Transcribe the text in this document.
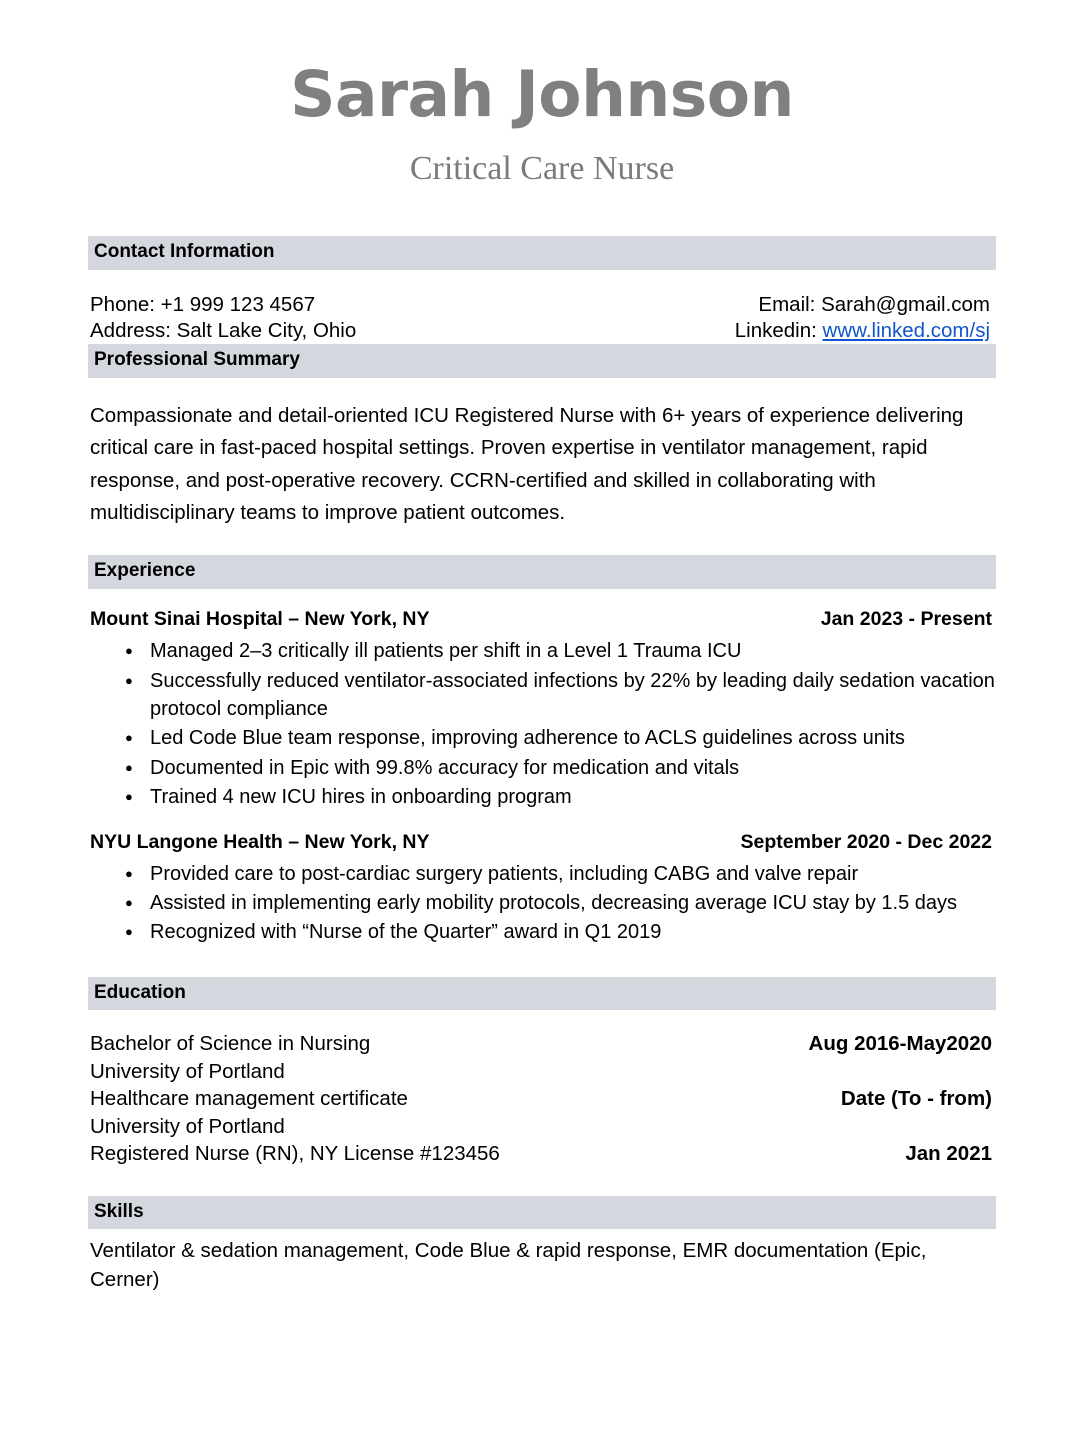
Sarah Johnson
Critical Care Nurse
Contact Information
Phone: +1 999 123 4567	Email: Sarah@gmail.com
Address: Salt Lake City, Ohio	Linkedin: www.linked.com/sj
Professional Summary
Compassionate and detail-oriented ICU Registered Nurse with 6+ years of experience delivering critical care in fast-paced hospital settings. Proven expertise in ventilator management, rapid response, and post-operative recovery. CCRN-certified and skilled in collaborating with multidisciplinary teams to improve patient outcomes.
Experience
Mount Sinai Hospital – New York, NY	Jan 2023 - Present
● Managed 2–3 critically ill patients per shift in a Level 1 Trauma ICU
● Successfully reduced ventilator-associated infections by 22% by leading daily sedation vacation protocol compliance
● Led Code Blue team response, improving adherence to ACLS guidelines across units
● Documented in Epic with 99.8% accuracy for medication and vitals
● Trained 4 new ICU hires in onboarding program
NYU Langone Health – New York, NY	September 2020 - Dec 2022
● Provided care to post-cardiac surgery patients, including CABG and valve repair
● Assisted in implementing early mobility protocols, decreasing average ICU stay by 1.5 days
● Recognized with “Nurse of the Quarter” award in Q1 2019
Education
Bachelor of Science in Nursing	Aug 2016-May2020
University of Portland
Healthcare management certificate	Date (To - from)
University of Portland
Registered Nurse (RN), NY License #123456	Jan 2021
Skills
Ventilator & sedation management, Code Blue & rapid response, EMR documentation (Epic, Cerner)
